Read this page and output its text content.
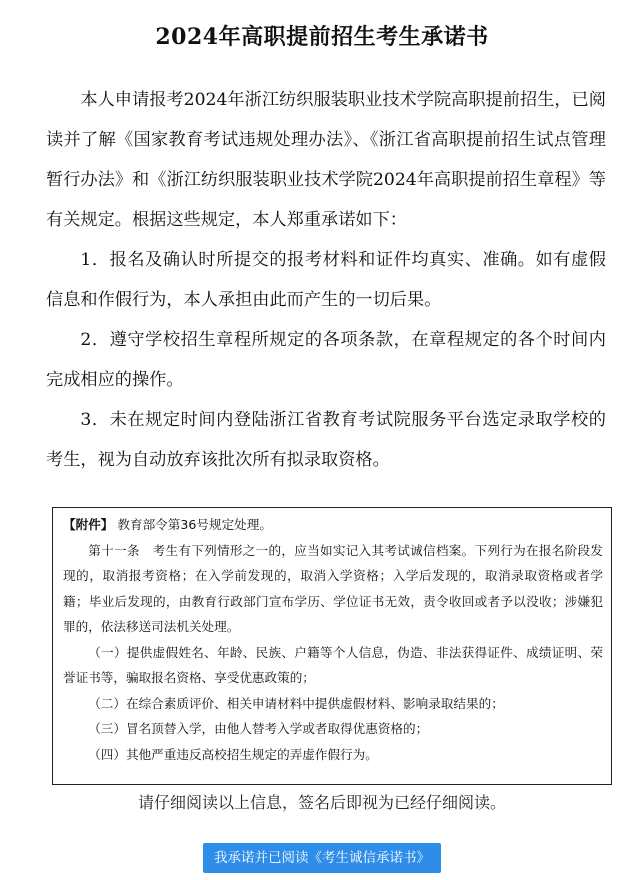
2024年高职提前招生考生承诺书

本人申请报考2024年浙江纺织服装职业技术学院高职提前招生，已阅读并了解《国家教育考试违规处理办法》、《浙江省高职提前招生试点管理暂行办法》和《浙江纺织服装职业技术学院2024年高职提前招生章程》等有关规定。根据这些规定，本人郑重承诺如下：

1．报名及确认时所提交的报考材料和证件均真实、准确。如有虚假信息和作假行为，本人承担由此而产生的一切后果。

2．遵守学校招生章程所规定的各项条款，在章程规定的各个时间内完成相应的操作。

3．未在规定时间内登陆浙江省教育考试院服务平台选定录取学校的考生，视为自动放弃该批次所有拟录取资格。

【附件】 教育部令第36号规定处理。

第十一条　考生有下列情形之一的，应当如实记入其考试诚信档案。下列行为在报名阶段发现的，取消报考资格；在入学前发现的，取消入学资格；入学后发现的，取消录取资格或者学籍；毕业后发现的，由教育行政部门宣布学历、学位证书无效，责令收回或者予以没收；涉嫌犯罪的，依法移送司法机关处理。

（一）提供虚假姓名、年龄、民族、户籍等个人信息，伪造、非法获得证件、成绩证明、荣誉证书等，骗取报名资格、享受优惠政策的；

（二）在综合素质评价、相关申请材料中提供虚假材料、影响录取结果的；

（三）冒名顶替入学，由他人替考入学或者取得优惠资格的；

（四）其他严重违反高校招生规定的弄虚作假行为。

请仔细阅读以上信息，签名后即视为已经仔细阅读。
我承诺并已阅读《考生诚信承诺书》
